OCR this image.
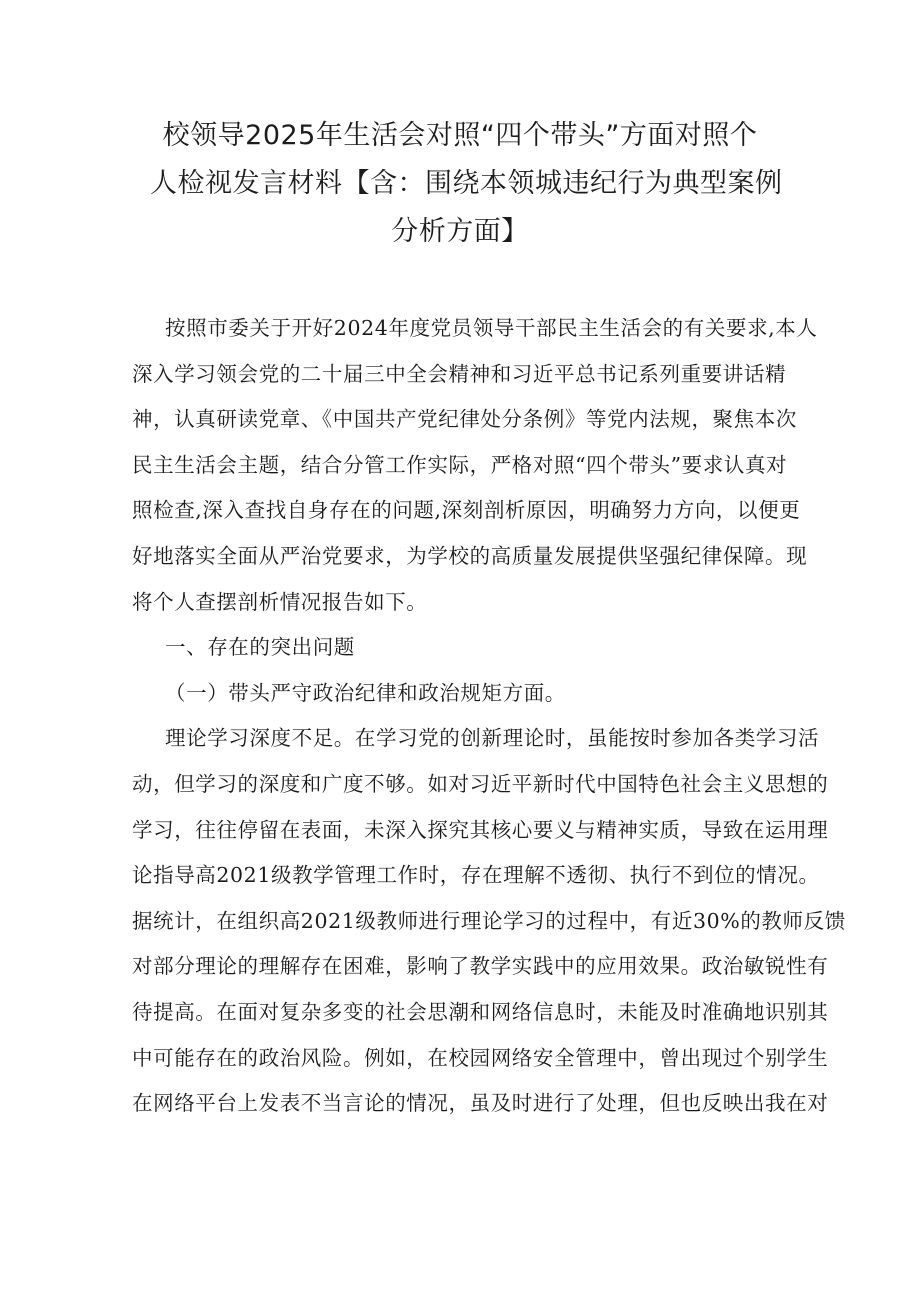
校领导2025年生活会对照“四个带头”方面对照个
人检视发言材料【含：围绕本领城违纪行为典型案例
分析方面】
按照市委关于开好2024年度党员领导干部民主生活会的有关要求,本人
深入学习领会党的二十届三中全会精神和习近平总书记系列重要讲话精
神，认真研读党章、《中国共产党纪律处分条例》等党内法规，聚焦本次
民主生活会主题，结合分管工作实际，严格对照“四个带头”要求认真对
照检查,深入查找自身存在的问题,深刻剖析原因，明确努力方向，以便更
好地落实全面从严治党要求，为学校的高质量发展提供坚强纪律保障。现
将个人查摆剖析情况报告如下。
一、存在的突出问题
（一）带头严守政治纪律和政治规矩方面。
理论学习深度不足。在学习党的创新理论时，虽能按时参加各类学习活
动，但学习的深度和广度不够。如对习近平新时代中国特色社会主义思想的
学习，往往停留在表面，未深入探究其核心要义与精神实质，导致在运用理
论指导高2021级教学管理工作时，存在理解不透彻、执行不到位的情况。
据统计，在组织高2021级教师进行理论学习的过程中，有近30%的教师反馈
对部分理论的理解存在困难，影响了教学实践中的应用效果。政治敏锐性有
待提高。在面对复杂多变的社会思潮和网络信息时，未能及时准确地识别其
中可能存在的政治风险。例如，在校园网络安全管理中，曾出现过个别学生
在网络平台上发表不当言论的情况，虽及时进行了处理，但也反映出我在对
